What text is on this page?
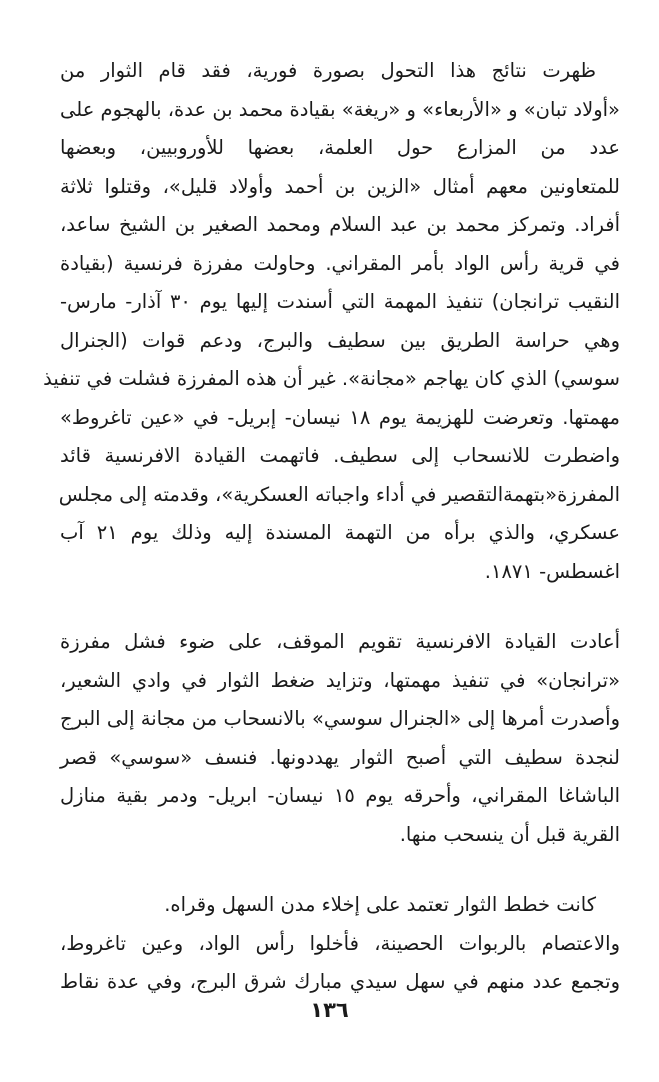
ظهرت نتائج هذا التحول بصورة فورية، فقد قام الثوار من
«أولاد تبان» و «الأربعاء» و «ريغة» بقيادة محمد بن عدة، بالهجوم على
عدد من المزارع حول العلمة، بعضها للأوروبيين، وبعضها
للمتعاونين معهم أمثال «الزين بن أحمد وأولاد قليل»، وقتلوا ثلاثة
أفراد. وتمركز محمد بن عبد السلام ومحمد الصغير بن الشيخ ساعد،
في قرية رأس الواد بأمر المقراني. وحاولت مفرزة فرنسية (بقيادة
النقيب ترانجان) تنفيذ المهمة التي أسندت إليها يوم ٣٠ آذار- مارس-
وهي حراسة الطريق بين سطيف والبرج، ودعم قوات (الجنرال
سوسي) الذي كان يهاجم «مجانة». غير أن هذه المفرزة فشلت في تنفيذ
مهمتها. وتعرضت للهزيمة يوم ١٨ نيسان- إبريل- في «عين تاغروط»
واضطرت للانسحاب إلى سطيف. فاتهمت القيادة الافرنسية قائد
المفرزة«بتهمةالتقصير في أداء واجباته العسكرية»، وقدمته إلى مجلس
عسكري، والذي برأه من التهمة المسندة إليه وذلك يوم ٢١ آب
اغسطس- ١٨٧١.

أعادت القيادة الافرنسية تقويم الموقف، على ضوء فشل مفرزة
«ترانجان» في تنفيذ مهمتها، وتزايد ضغط الثوار في وادي الشعير،
وأصدرت أمرها إلى «الجنرال سوسي» بالانسحاب من مجانة إلى البرج
لنجدة سطيف التي أصبح الثوار يهددونها. فنسف «سوسي» قصر
الباشاغا المقراني، وأحرقه يوم ١٥ نيسان- ابريل- ودمر بقية منازل
القرية قبل أن ينسحب منها.

كانت خطط الثوار تعتمد على إخلاء مدن السهل وقراه.
والاعتصام بالربوات الحصينة، فأخلوا رأس الواد، وعين تاغروط،
وتجمع عدد منهم في سهل سيدي مبارك شرق البرج، وفي عدة نقاط

١٣٦
